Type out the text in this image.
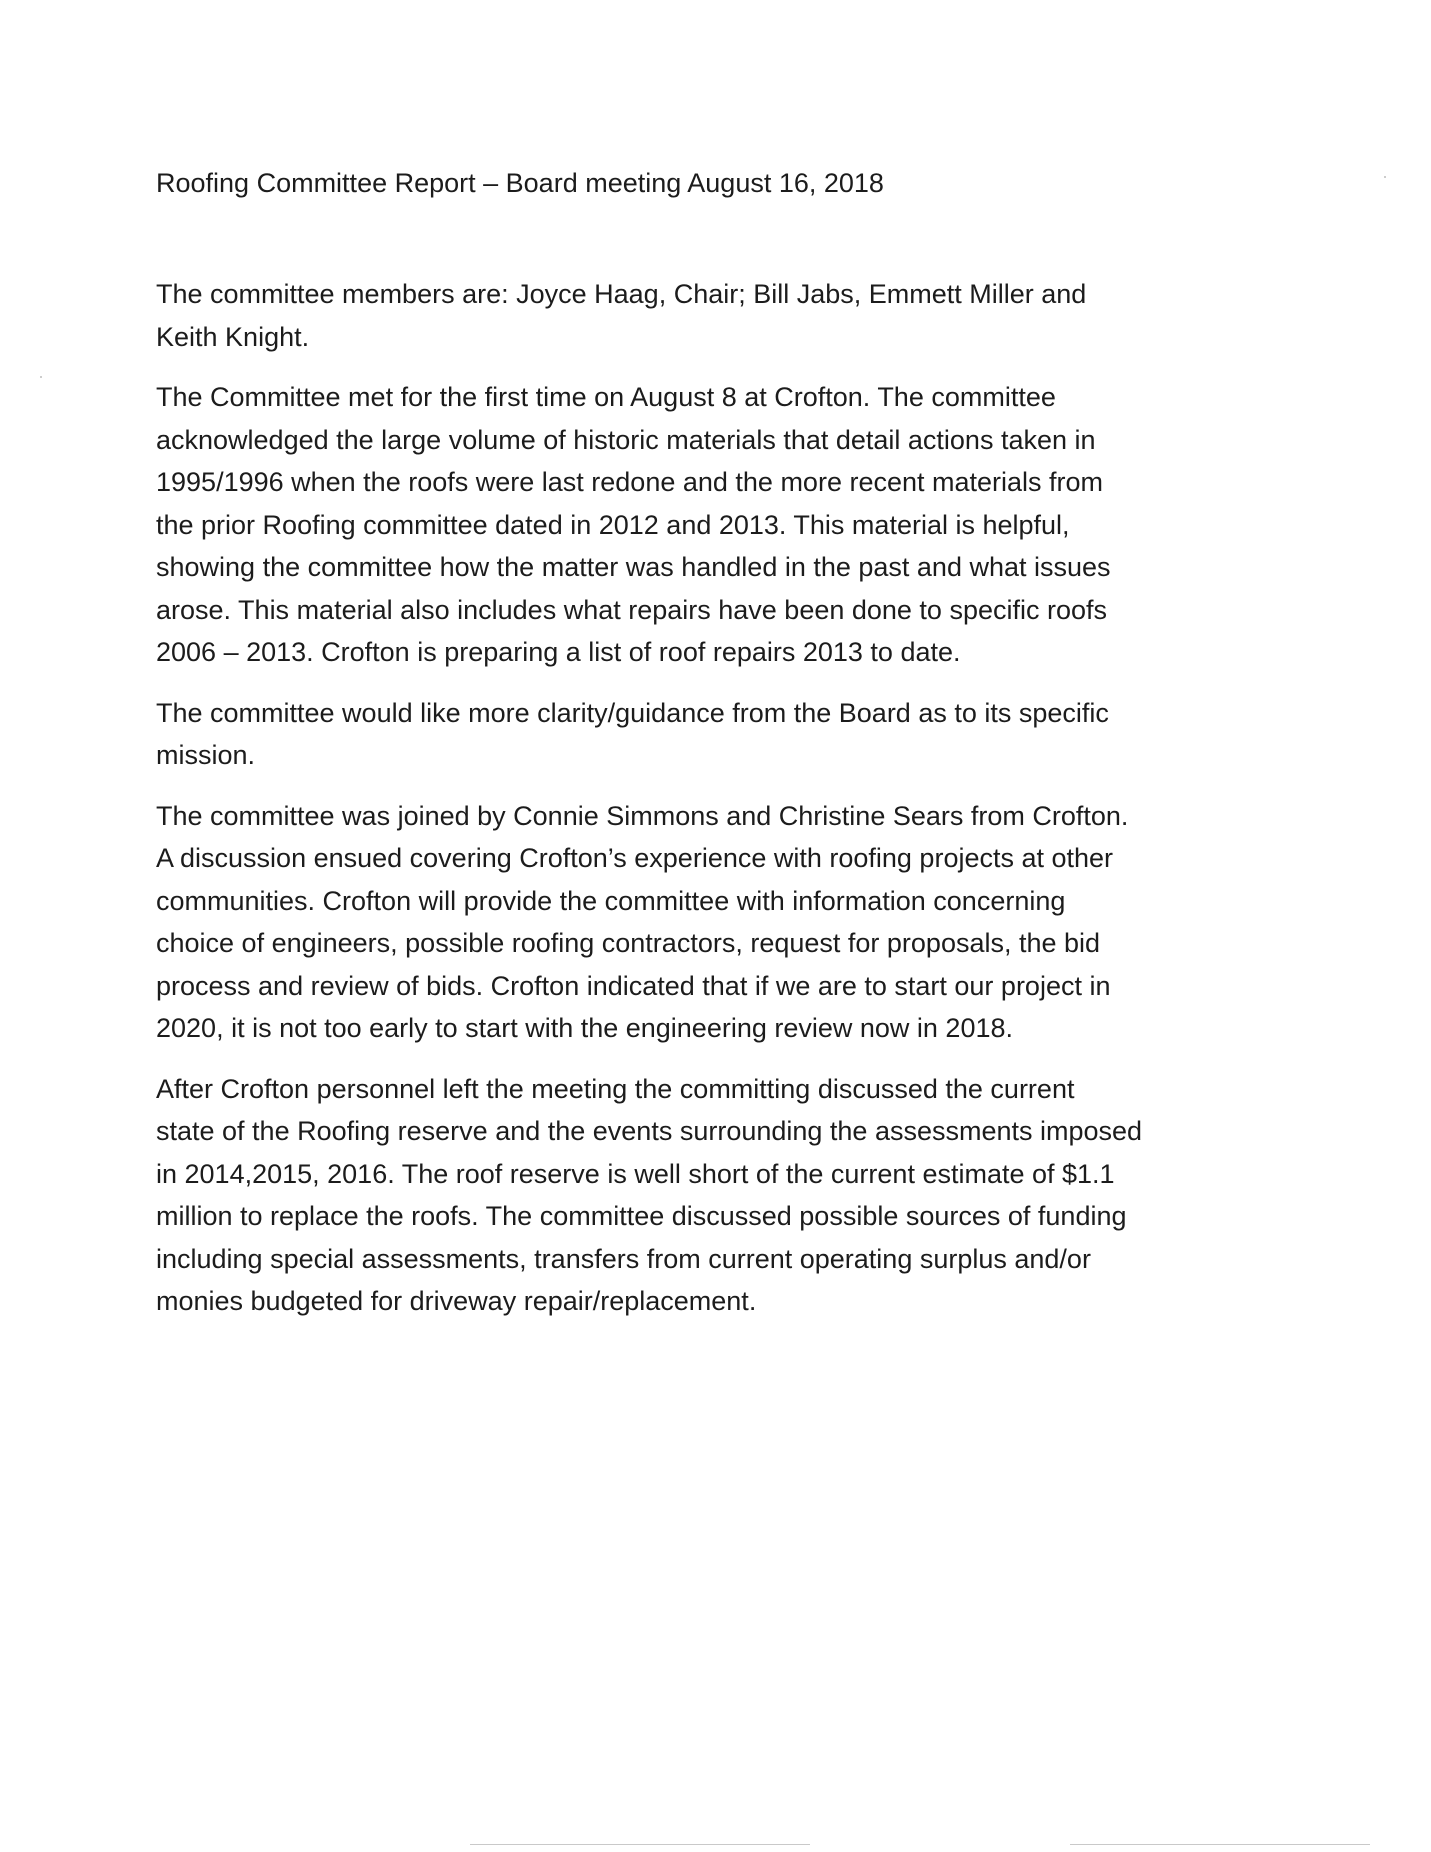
Roofing Committee Report – Board meeting August 16, 2018
The committee members are: Joyce Haag, Chair; Bill Jabs, Emmett Miller and
Keith Knight.
The Committee met for the first time on August 8 at Crofton. The committee
acknowledged the large volume of historic materials that detail actions taken in
1995/1996 when the roofs were last redone and the more recent materials from
the prior Roofing committee dated in 2012 and 2013. This material is helpful,
showing the committee how the matter was handled in the past and what issues
arose. This material also includes what repairs have been done to specific roofs
2006 – 2013. Crofton is preparing a list of roof repairs 2013 to date.
The committee would like more clarity/guidance from the Board as to its specific
mission.
The committee was joined by Connie Simmons and Christine Sears from Crofton.
A discussion ensued covering Crofton’s experience with roofing projects at other
communities. Crofton will provide the committee with information concerning
choice of engineers, possible roofing contractors, request for proposals, the bid
process and review of bids. Crofton indicated that if we are to start our project in
2020, it is not too early to start with the engineering review now in 2018.
After Crofton personnel left the meeting the committing discussed the current
state of the Roofing reserve and the events surrounding the assessments imposed
in 2014,2015, 2016. The roof reserve is well short of the current estimate of $1.1
million to replace the roofs. The committee discussed possible sources of funding
including special assessments, transfers from current operating surplus and/or
monies budgeted for driveway repair/replacement.
